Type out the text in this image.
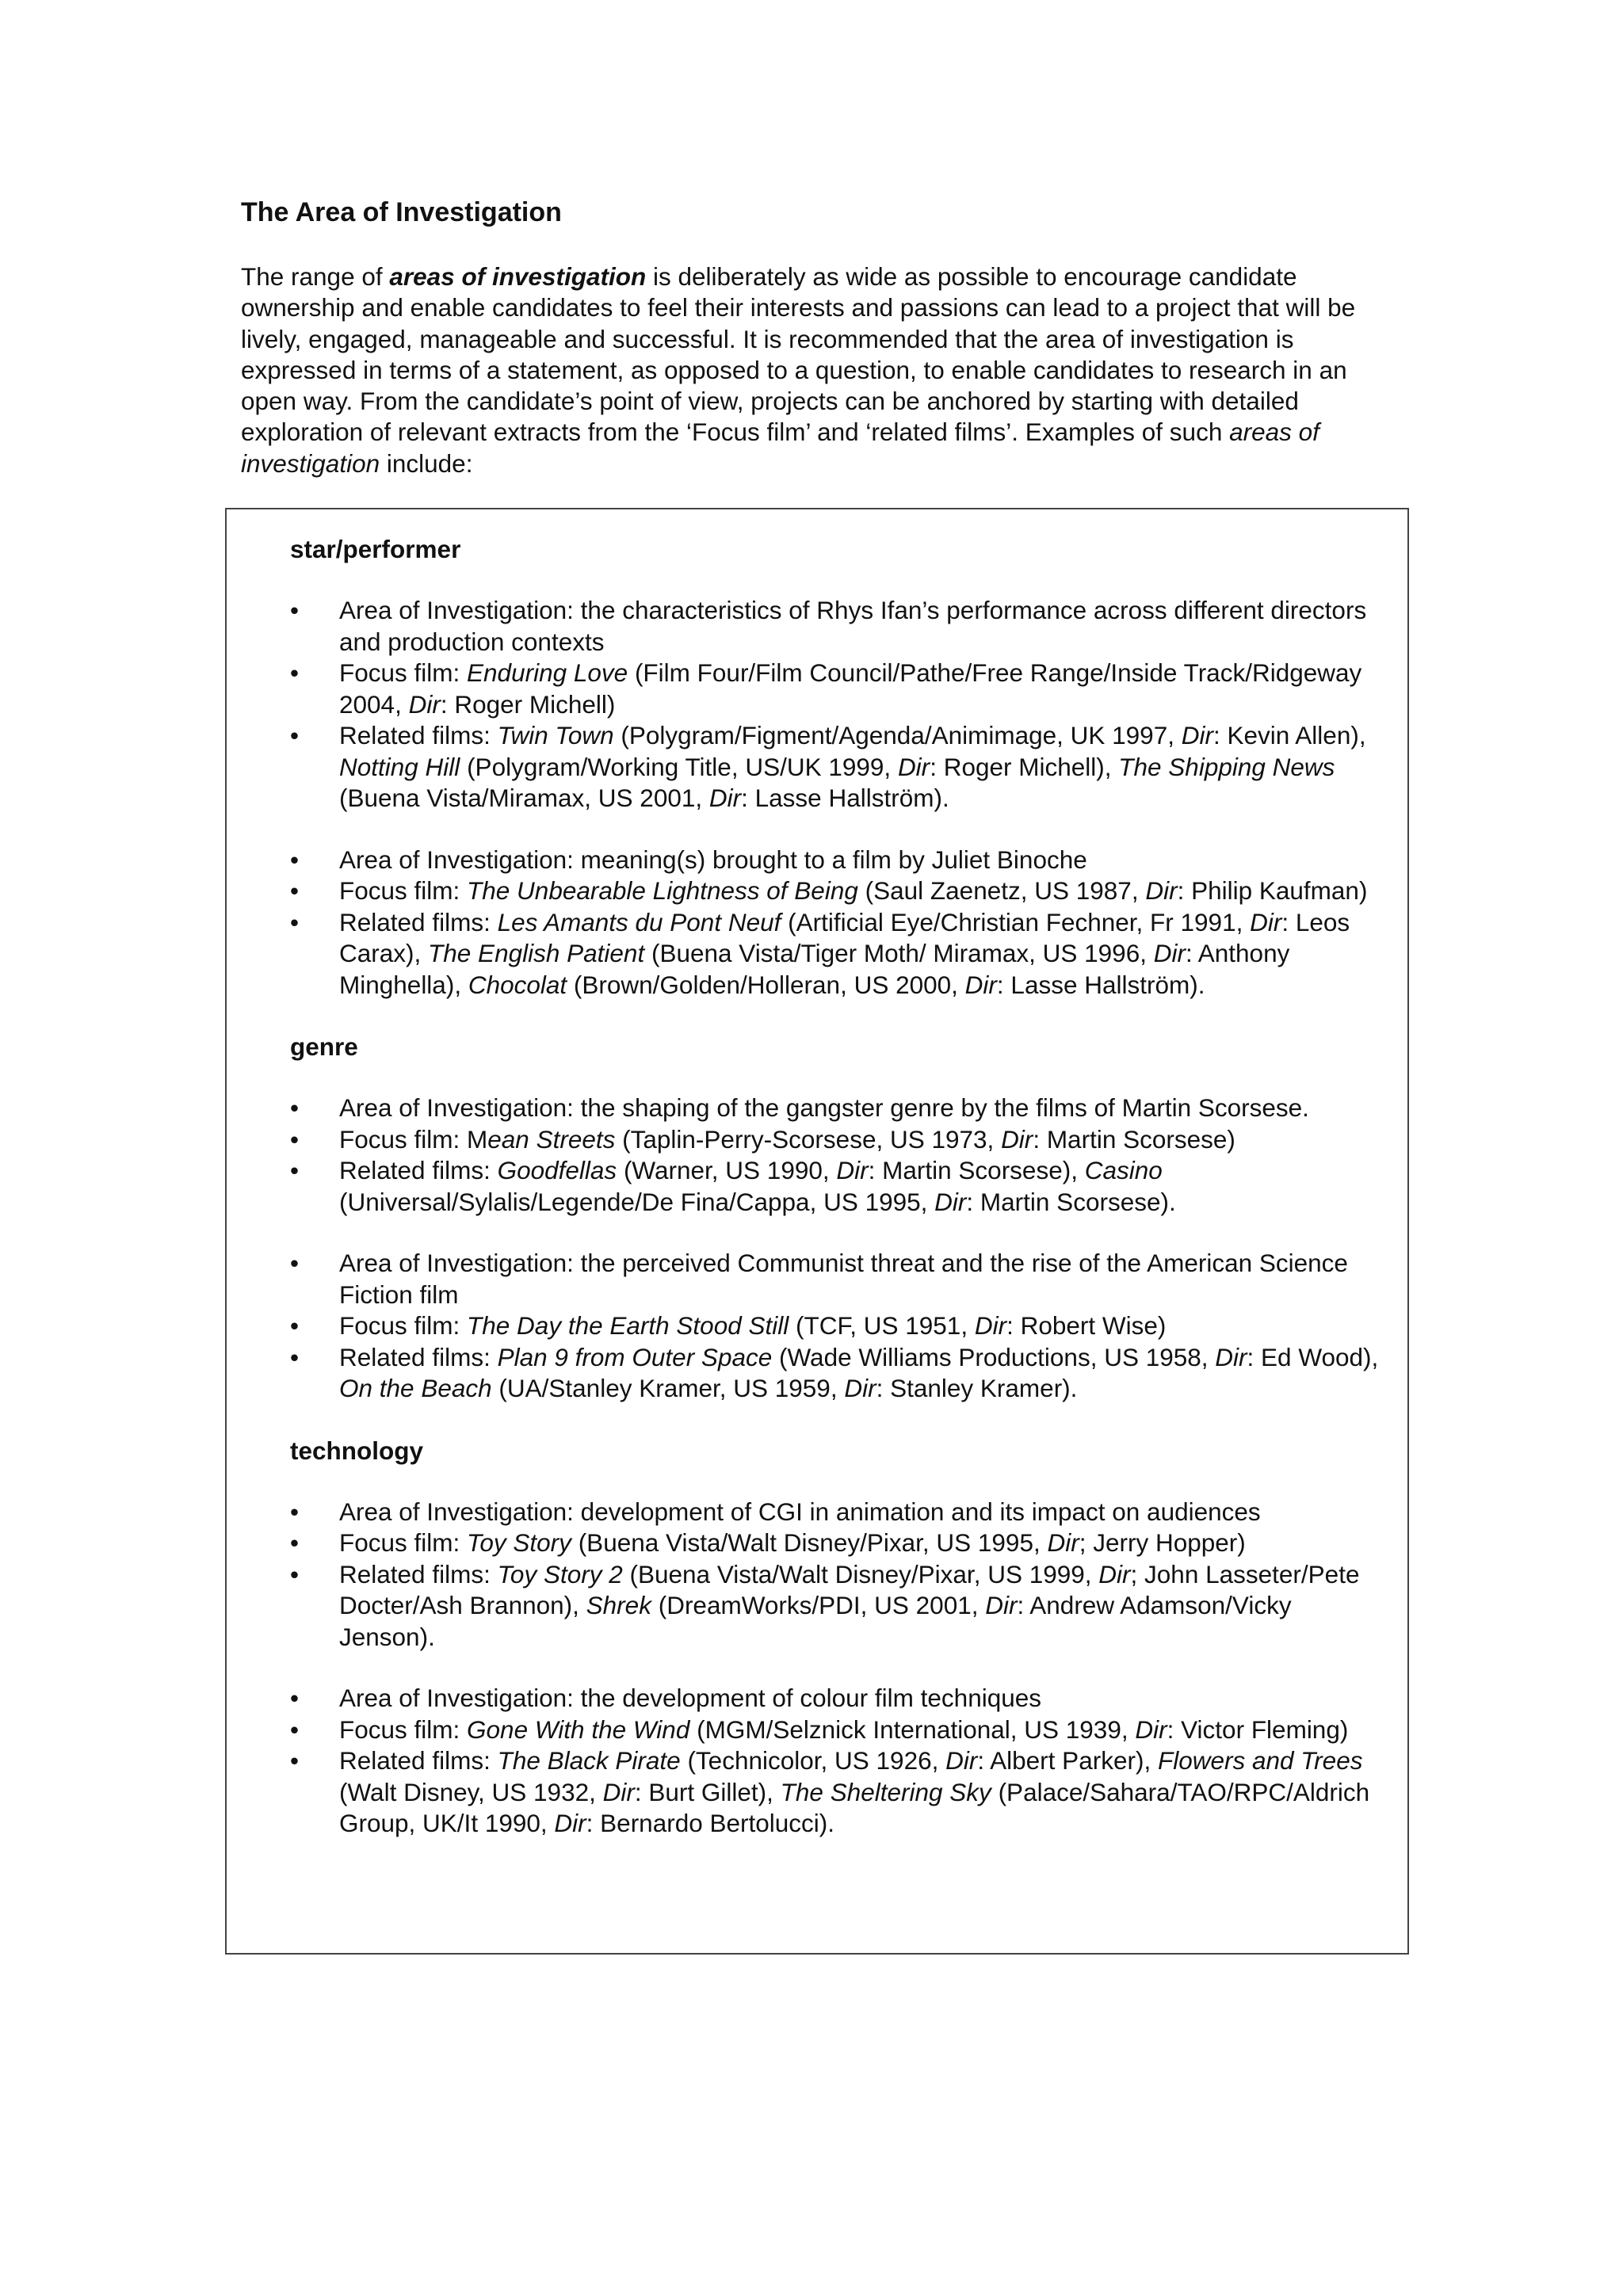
The Area of Investigation

The range of areas of investigation is deliberately as wide as possible to encourage candidate ownership and enable candidates to feel their interests and passions can lead to a project that will be lively, engaged, manageable and successful. It is recommended that the area of investigation is expressed in terms of a statement, as opposed to a question, to enable candidates to research in an open way. From the candidate’s point of view, projects can be anchored by starting with detailed exploration of relevant extracts from the ‘Focus film’ and ‘related films’. Examples of such areas of investigation include:

star/performer

• Area of Investigation: the characteristics of Rhys Ifan’s performance across different directors and production contexts
• Focus film: Enduring Love (Film Four/Film Council/Pathe/Free Range/Inside Track/Ridgeway 2004, Dir: Roger Michell)
• Related films: Twin Town (Polygram/Figment/Agenda/Animimage, UK 1997, Dir: Kevin Allen), Notting Hill (Polygram/Working Title, US/UK 1999, Dir: Roger Michell), The Shipping News (Buena Vista/Miramax, US 2001, Dir: Lasse Hallström).
• Area of Investigation: meaning(s) brought to a film by Juliet Binoche
• Focus film: The Unbearable Lightness of Being (Saul Zaenetz, US 1987, Dir: Philip Kaufman)
• Related films: Les Amants du Pont Neuf (Artificial Eye/Christian Fechner, Fr 1991, Dir: Leos Carax), The English Patient (Buena Vista/Tiger Moth/ Miramax, US 1996, Dir: Anthony Minghella), Chocolat (Brown/Golden/Holleran, US 2000, Dir: Lasse Hallström).

genre

• Area of Investigation: the shaping of the gangster genre by the films of Martin Scorsese.
• Focus film: Mean Streets (Taplin-Perry-Scorsese, US 1973, Dir: Martin Scorsese)
• Related films: Goodfellas (Warner, US 1990, Dir: Martin Scorsese), Casino (Universal/Sylalis/Legende/De Fina/Cappa, US 1995, Dir: Martin Scorsese).
• Area of Investigation: the perceived Communist threat and the rise of the American Science Fiction film
• Focus film: The Day the Earth Stood Still (TCF, US 1951, Dir: Robert Wise)
• Related films: Plan 9 from Outer Space (Wade Williams Productions, US 1958, Dir: Ed Wood), On the Beach (UA/Stanley Kramer, US 1959, Dir: Stanley Kramer).

technology

• Area of Investigation: development of CGI in animation and its impact on audiences
• Focus film: Toy Story (Buena Vista/Walt Disney/Pixar, US 1995, Dir; Jerry Hopper)
• Related films: Toy Story 2 (Buena Vista/Walt Disney/Pixar, US 1999, Dir; John Lasseter/Pete Docter/Ash Brannon), Shrek (DreamWorks/PDI, US 2001, Dir: Andrew Adamson/Vicky Jenson).
• Area of Investigation: the development of colour film techniques
• Focus film: Gone With the Wind (MGM/Selznick International, US 1939, Dir: Victor Fleming)
• Related films: The Black Pirate (Technicolor, US 1926, Dir: Albert Parker), Flowers and Trees (Walt Disney, US 1932, Dir: Burt Gillet), The Sheltering Sky (Palace/Sahara/TAO/RPC/Aldrich Group, UK/It 1990, Dir: Bernardo Bertolucci).
